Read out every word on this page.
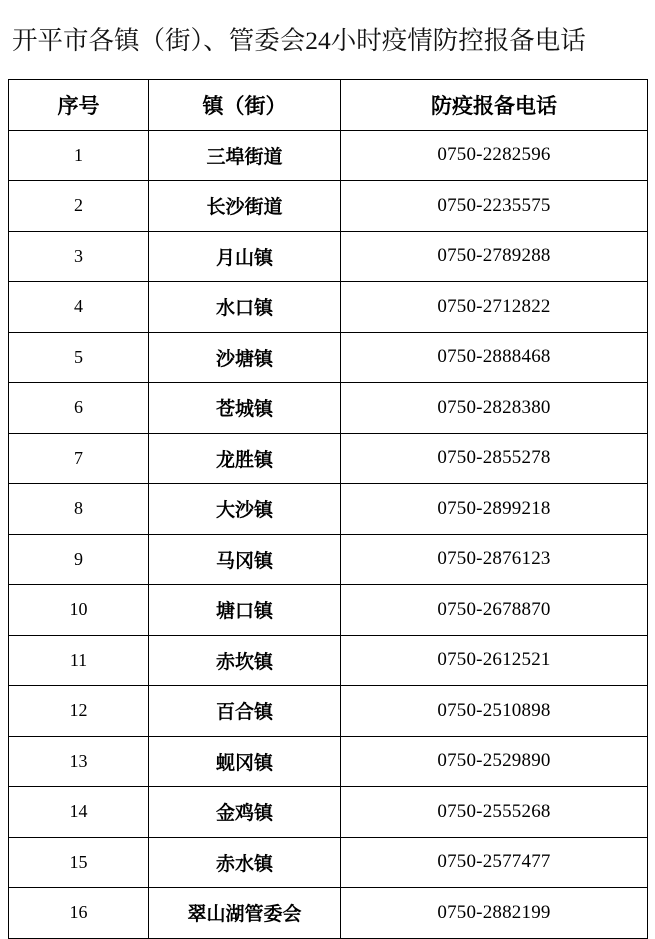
开平市各镇（街）、管委会24小时疫情防控报备电话
序号	镇（街）	防疫报备电话
1	三埠街道	0750-2282596
2	长沙街道	0750-2235575
3	月山镇	0750-2789288
4	水口镇	0750-2712822
5	沙塘镇	0750-2888468
6	苍城镇	0750-2828380
7	龙胜镇	0750-2855278
8	大沙镇	0750-2899218
9	马冈镇	0750-2876123
10	塘口镇	0750-2678870
11	赤坎镇	0750-2612521
12	百合镇	0750-2510898
13	蚬冈镇	0750-2529890
14	金鸡镇	0750-2555268
15	赤水镇	0750-2577477
16	翠山湖管委会	0750-2882199
